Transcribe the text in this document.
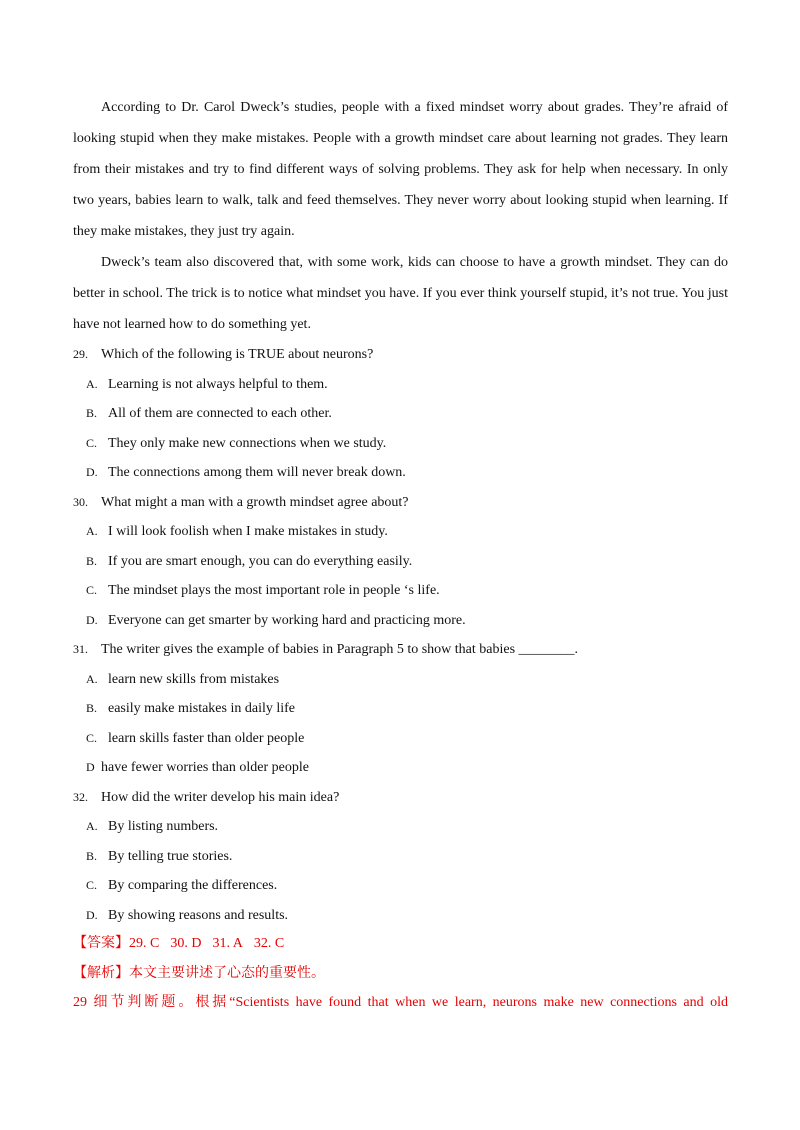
According to Dr. Carol Dweck’s studies, people with a fixed mindset worry about grades. They’re afraid of looking stupid when they make mistakes. People with a growth mindset care about learning not grades. They learn from their mistakes and try to find different ways of solving problems. They ask for help when necessary. In only two years, babies learn to walk, talk and feed themselves. They never worry about looking stupid when learning. If they make mistakes, they just try again.

Dweck’s team also discovered that, with some work, kids can choose to have a growth mindset. They can do better in school. The trick is to notice what mindset you have. If you ever think yourself stupid, it’s not true. You just have not learned how to do something yet.

29. Which of the following is TRUE about neurons?
A. Learning is not always helpful to them.
B. All of them are connected to each other.
C. They only make new connections when we study.
D. The connections among them will never break down.
30. What might a man with a growth mindset agree about?
A. I will look foolish when I make mistakes in study.
B. If you are smart enough, you can do everything easily.
C. The mindset plays the most important role in people ‘s life.
D. Everyone can get smarter by working hard and practicing more.
31. The writer gives the example of babies in Paragraph 5 to show that babies ________.
A. learn new skills from mistakes
B. easily make mistakes in daily life
C. learn skills faster than older people
D have fewer worries than older people
32. How did the writer develop his main idea?
A. By listing numbers.
B. By telling true stories.
C. By comparing the differences.
D. By showing reasons and results.
【答案】29. C 30. D 31. A 32. C
【解析】本文主要讲述了心态的重要性。
29 细节判断题。根据“Scientists have found that when we learn, neurons make new connections and old
